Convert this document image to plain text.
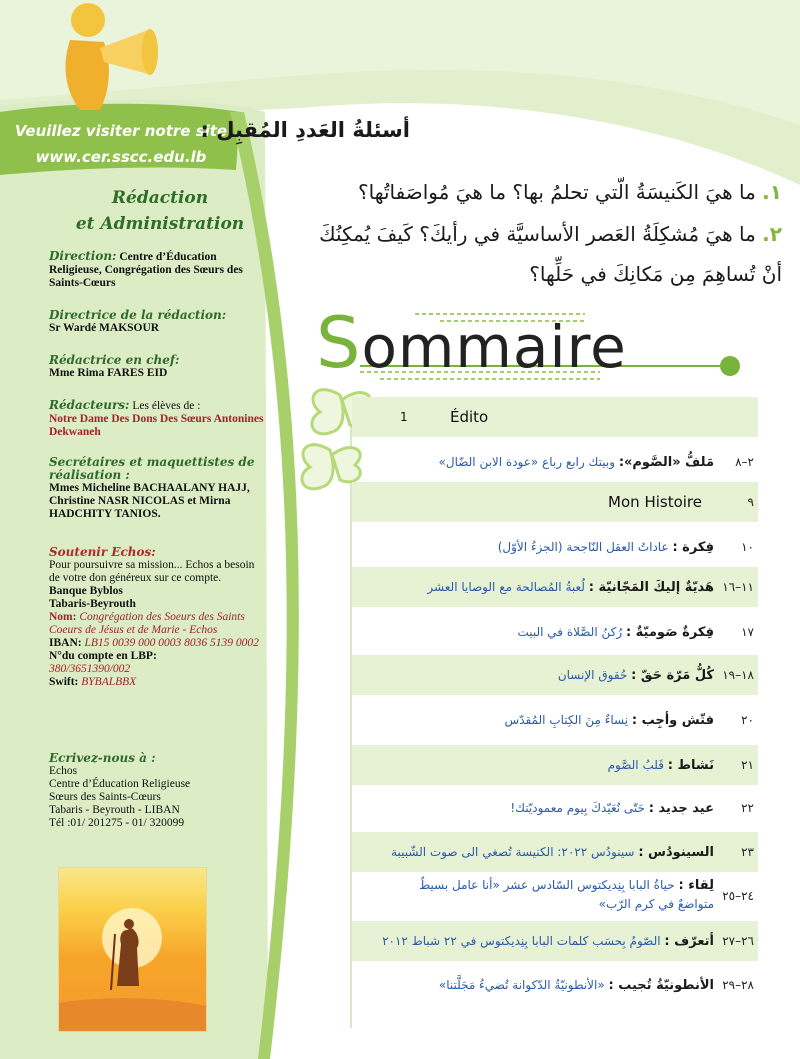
Veuillez visiter notre site
www.cer.sscc.edu.lb
Rédaction
et Administration
Direction: Centre d’Éducation Religieuse, Congrégation des Sœurs des Saints-Cœurs
Directrice de la rédaction:
Sr Wardé MAKSOUR
Rédactrice en chef:
Mme Rima FARES EID
Rédacteurs: Les élèves de :
Notre Dame Des Dons Des Sœurs Antonines Dekwaneh
Secrétaires et maquettistes de réalisation :
Mmes Micheline BACHAALANY HAJJ, Christine NASR NICOLAS et Mirna HADCHITY TANIOS.
Soutenir Echos:
Pour poursuivre sa mission... Echos a besoin de votre don généreux sur ce compte.
Banque Byblos
Tabaris-Beyrouth
Nom: Congrégation des Soeurs des Saints Coeurs de Jésus et de Marie - Echos
IBAN: LB15 0039 000 0003 8036 5139 0002
N°du compte en LBP:
380/3651390/002
Swift: BYBALBBX
Ecrivez-nous à :
Echos
Centre d’Éducation Religieuse
Sœurs des Saints-Cœurs
Tabaris - Beyrouth - LIBAN
Tél :01/ 201275 - 01/ 320099
أسئلةُ العَددِ المُقبِل :
١. ما هيَ الكَنيسَةُ الّتي تحلمُ بها؟ ما هيَ مُواصَفاتُها؟
٢. ما هيَ مُشكِلَةُ العَصر الأساسيَّة في رأيكَ؟ كَيفَ يُمكِنُكَ
أنْ تُساهِمَ مِن مَكانِكَ في حَلِّها؟
Sommaire
1	Édito
٢–٨
مَلفُّ «الصَّوم»: وبيتك رابع رباع «عودة الابن الضّال»
٩
Mon Histoire
١٠
فِكرة : عاداتُ العقل النّاجحة (الجزءُ الأوّل)
١١–١٦
هَديّةٌ إليكَ المَجّانيّة : لُعبةُ المُصالحة مع الوصايا العشر
١٧
فِكرةٌ صَوميّةٌ : رُكنُ الصَّلاة في البيت
١٨–١٩
كُلُّ مَرّة حَقّ : حُقوق الإنسان
٢٠
فتّش وأجِب : نِساءٌ مِنَ الكِتابِ المُقدّس
٢١
نَشاط : قَلبُ الصَّوم
٢٢
عيد جديد : حَتّى نُعَيّدكَ بِيوم معموديّتك!
٢٣
السينودُس : سينودُس ٢٠٢٢: الكنيسة تُصغي الى صوت الشّبيبة
٢٤–٢٥
لِقاء : حياةُ البابا بِنِديكتوس السّادس عشر «أنا عامل بسيطٌ متواضعٌ في كرم الرّب»
٢٦–٢٧
أتعرّف : الصّومُ بِحسَب كلمات البابا بِنِديكتوس في ٢٢ شباط ٢٠١٢
٢٨–٢٩
الأنطونيّةُ تُجيب : «الأنطونيّةُ الدّكوانة تُضيءُ مَجَلَّتنا»
